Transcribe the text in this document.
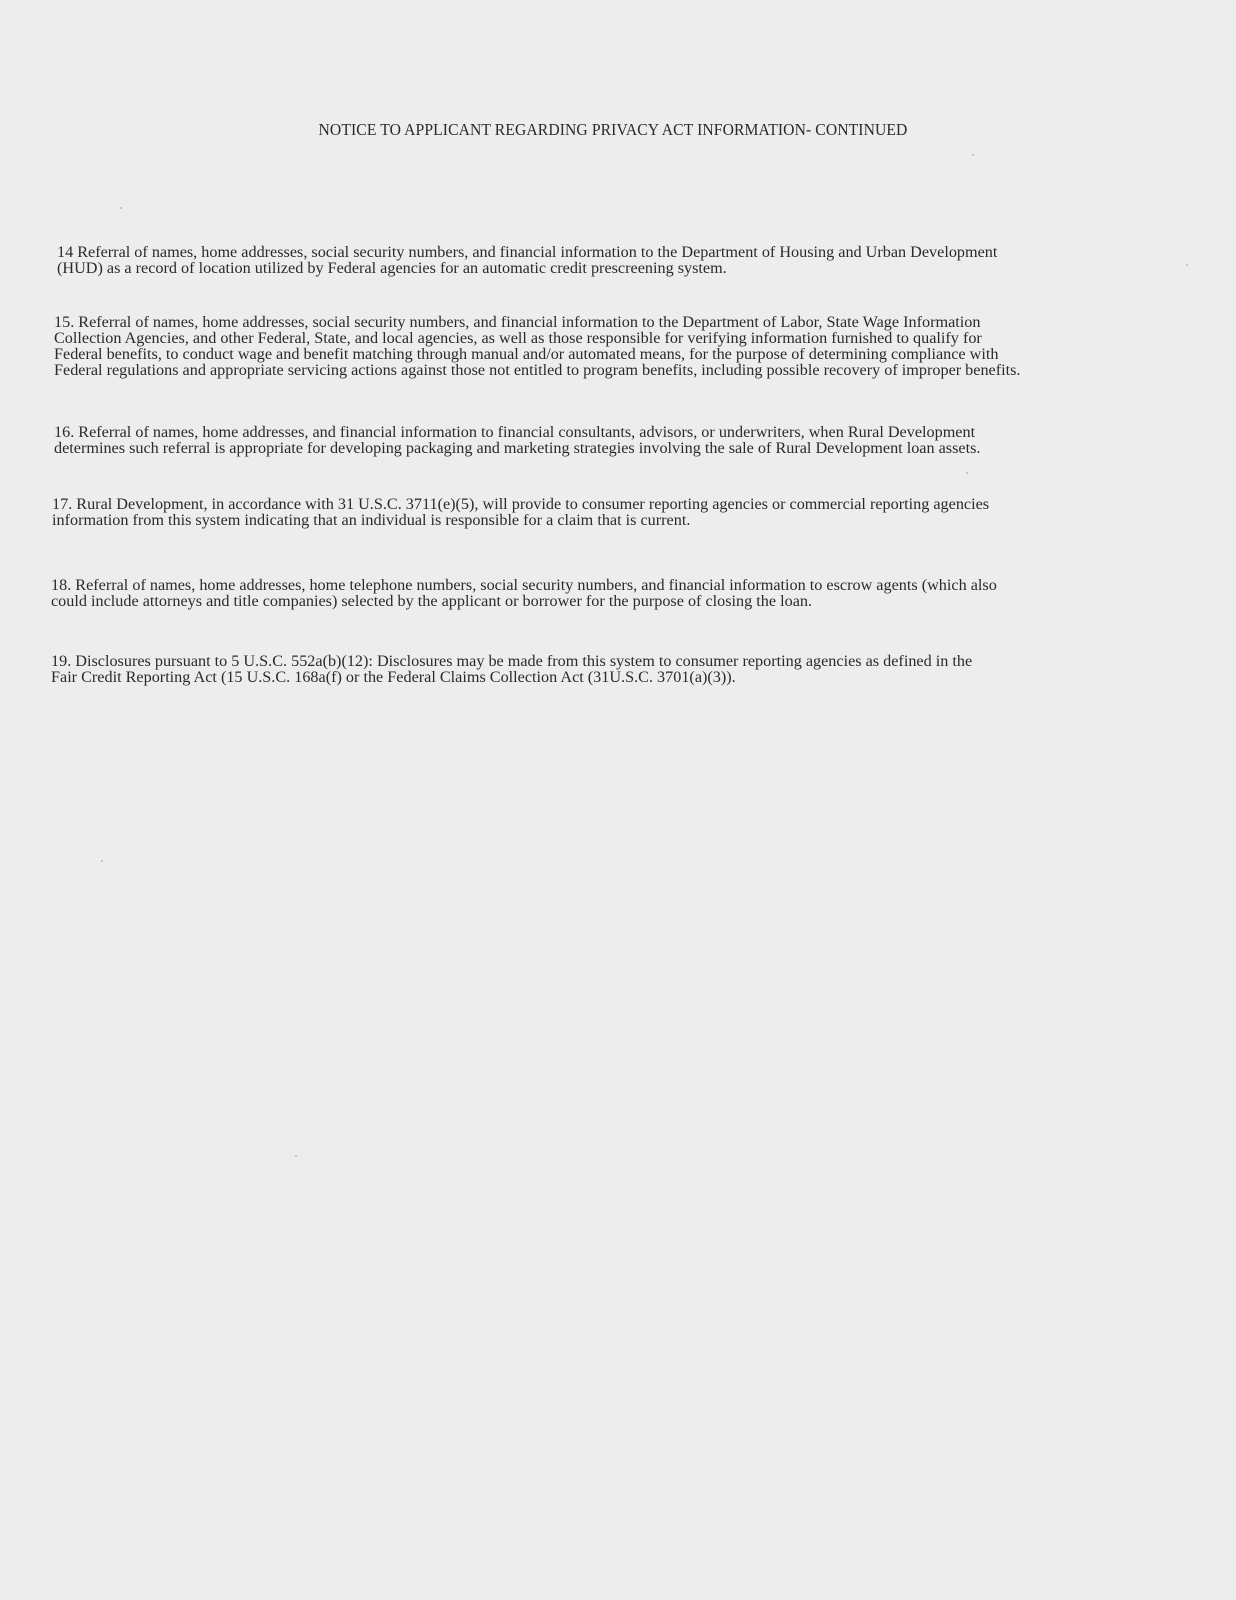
NOTICE TO APPLICANT REGARDING PRIVACY ACT INFORMATION- CONTINUED

14 Referral of names, home addresses, social security numbers, and financial information to the Department of Housing and Urban Development
(HUD) as a record of location utilized by Federal agencies for an automatic credit prescreening system.

15. Referral of names, home addresses, social security numbers, and financial information to the Department of Labor, State Wage Information
Collection Agencies, and other Federal, State, and local agencies, as well as those responsible for verifying information furnished to qualify for
Federal benefits, to conduct wage and benefit matching through manual and/or automated means, for the purpose of determining compliance with
Federal regulations and appropriate servicing actions against those not entitled to program benefits, including possible recovery of improper benefits.

16. Referral of names, home addresses, and financial information to financial consultants, advisors, or underwriters, when Rural Development
determines such referral is appropriate for developing packaging and marketing strategies involving the sale of Rural Development loan assets.

17. Rural Development, in accordance with 31 U.S.C. 3711(e)(5), will provide to consumer reporting agencies or commercial reporting agencies
information from this system indicating that an individual is responsible for a claim that is current.

18. Referral of names, home addresses, home telephone numbers, social security numbers, and financial information to escrow agents (which also
could include attorneys and title companies) selected by the applicant or borrower for the purpose of closing the loan.

19. Disclosures pursuant to 5 U.S.C. 552a(b)(12): Disclosures may be made from this system to consumer reporting agencies as defined in the
Fair Credit Reporting Act (15 U.S.C. 168a(f) or the Federal Claims Collection Act (31U.S.C. 3701(a)(3)).
